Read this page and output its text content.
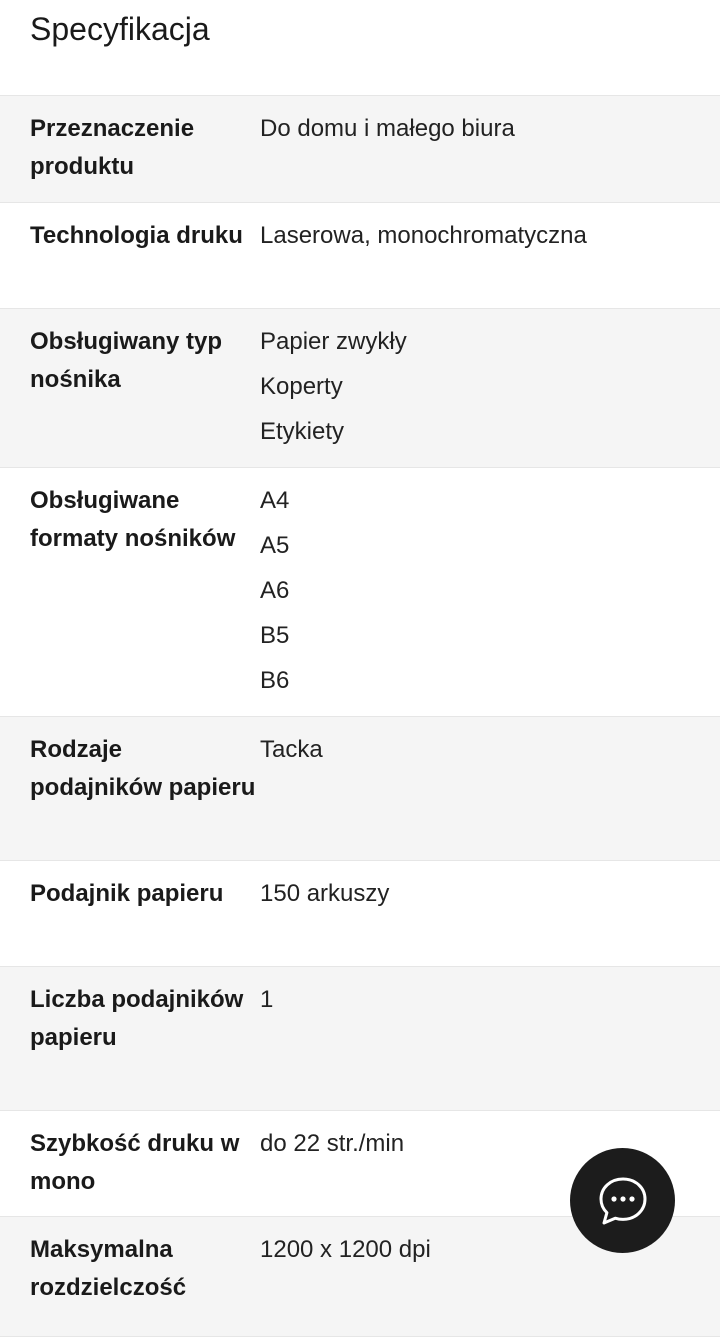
Specyfikacja
Przeznaczenie produktu
Do domu i małego biura
Technologia druku Laserowa, monochromatyczna
Obsługiwany typ nośnika
Papier zwykły
Koperty
Etykiety
Obsługiwane formaty nośników
A4
A5
A6
B5
B6
Rodzaje podajników papieru
Tacka
Podajnik papieru	150 arkuszy
Liczba podajników papieru
1
Szybkość druku w mono
do 22 str./min
Maksymalna rozdzielczość
1200 x 1200 dpi
